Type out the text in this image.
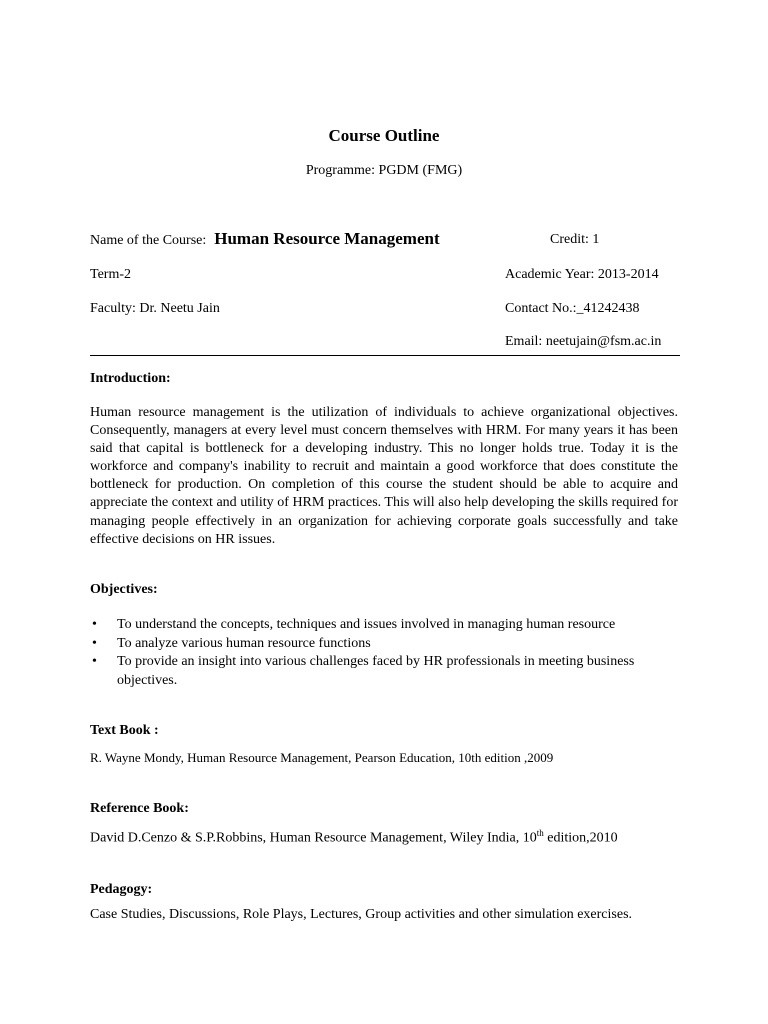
Course Outline
Programme: PGDM (FMG)
Name of the Course: Human Resource Management	Credit: 1
Term-2	Academic Year: 2013-2014
Faculty: Dr. Neetu Jain	Contact No.:_41242438
Email: neetujain@fsm.ac.in
Introduction:

Human resource management is the utilization of individuals to achieve organizational objectives. Consequently, managers at every level must concern themselves with HRM. For many years it has been said that capital is bottleneck for a developing industry. This no longer holds true. Today it is the workforce and company's inability to recruit and maintain a good workforce that does constitute the bottleneck for production. On completion of this course the student should be able to acquire and appreciate the context and utility of HRM practices. This will also help developing the skills required for managing people effectively in an organization for achieving corporate goals successfully and take effective decisions on HR issues.

Objectives:
• To understand the concepts, techniques and issues involved in managing human resource
• To analyze various human resource functions
• To provide an insight into various challenges faced by HR professionals in meeting business objectives.
Text Book :
R. Wayne Mondy, Human Resource Management, Pearson Education, 10th edition ,2009
Reference Book:
David D.Cenzo & S.P.Robbins, Human Resource Management, Wiley India, 10th edition,2010
Pedagogy:
Case Studies, Discussions, Role Plays, Lectures, Group activities and other simulation exercises.
